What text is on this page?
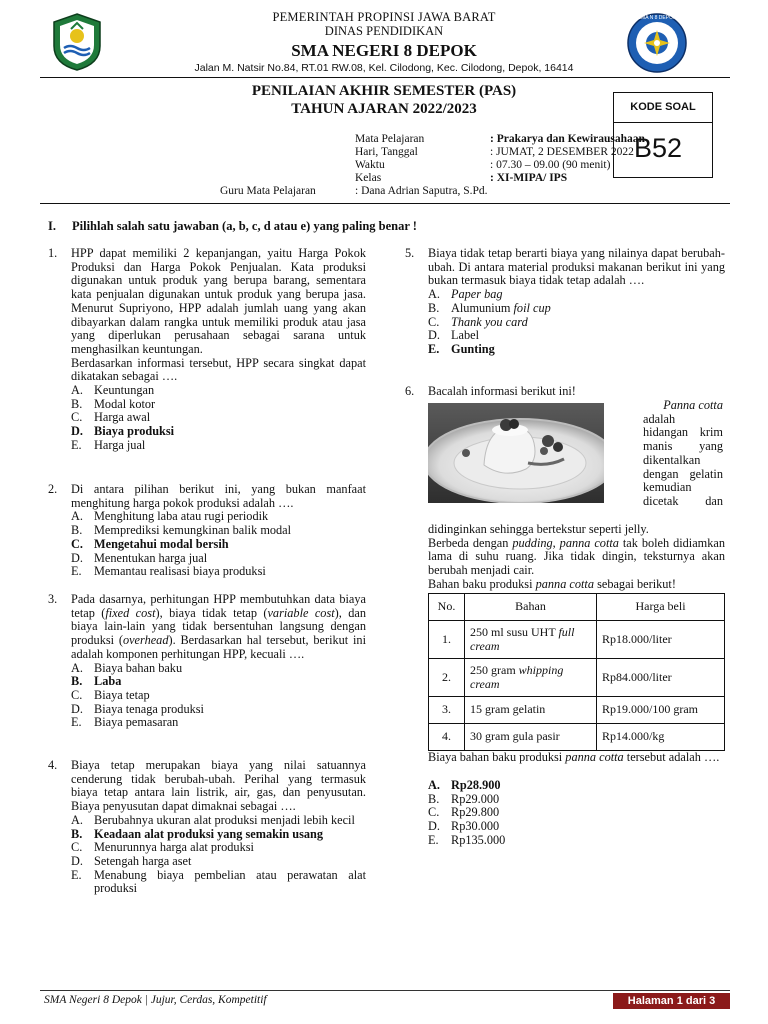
SMA N 8 DEPOK
PEMERINTAH PROPINSI JAWA BARAT
DINAS PENDIDIKAN
SMA NEGERI 8 DEPOK
Jalan M. Natsir No.84, RT.01 RW.08, Kel. Cilodong, Kec. Cilodong, Depok, 16414
PENILAIAN AKHIR SEMESTER (PAS)
TAHUN AJARAN 2022/2023	KODE SOAL
B52
Mata Pelajaran	: Prakarya dan Kewirausahaan
Hari, Tanggal	: JUMAT, 2 DESEMBER 2022
Waktu	: 07.30 – 09.00 (90 menit)
Kelas	: XI-MIPA/ IPS
Guru Mata Pelajaran	: Dana Adrian Saputra, S.Pd.
I. Pilihlah salah satu jawaban (a, b, c, d atau e) yang paling benar !
1. HPP dapat memiliki 2 kepanjangan, yaitu Harga Pokok Produksi dan Harga Pokok Penjualan. Kata produksi digunakan untuk produk yang berupa barang, sementara kata penjualan digunakan untuk produk yang berupa jasa. Menurut Supriyono, HPP adalah jumlah uang yang akan dibayarkan dalam rangka untuk memiliki produk atau jasa yang diperlukan perusahaan sebagai sarana untuk menghasilkan keuntungan.
Berdasarkan informasi tersebut, HPP secara singkat dapat dikatakan sebagai ….
A. Keuntungan
B. Modal kotor
C. Harga awal
D. Biaya produksi
E.	Harga jual
2. Di antara pilihan berikut ini, yang bukan manfaat menghitung harga pokok produksi adalah ….
A. Menghitung laba atau rugi periodik
B. Memprediksi kemungkinan balik modal
C. Mengetahui modal bersih
D. Menentukan harga jual
E.	Memantau realisasi biaya produksi
3. Pada dasarnya, perhitungan HPP membutuhkan data biaya tetap (fixed cost), biaya tidak tetap (variable cost), dan biaya lain-lain yang tidak bersentuhan langsung dengan produksi (overhead). Berdasarkan hal tersebut, berikut ini adalah komponen perhitungan HPP, kecuali ….
A. Biaya bahan baku
B. Laba
C. Biaya tetap
D. Biaya tenaga produksi
E.	Biaya pemasaran
4. Biaya tetap merupakan biaya yang nilai satuannya cenderung tidak berubah-ubah. Perihal yang termasuk biaya tetap antara lain listrik, air, gas, dan penyusutan. Biaya penyusutan dapat dimaknai sebagai ….
A. Berubahnya ukuran alat produksi menjadi lebih kecil
B. Keadaan alat produksi yang semakin usang
C. Menurunnya harga alat produksi
D. Setengah harga aset
E.	Menabung biaya pembelian atau perawatan alat produksi
5. Biaya tidak tetap berarti biaya yang nilainya dapat berubah-ubah. Di antara material produksi makanan berikut ini yang bukan termasuk biaya tidak tetap adalah ….
A. Paper bag
B. Alumunium foil cup
C. Thank you card
D. Label
E. Gunting
6. Bacalah informasi berikut ini!
Panna cotta
adalah hidangan krim manis yang dikentalkan dengan gelatin kemudian dicetak dan
didinginkan sehingga bertekstur seperti jelly.
Berbeda dengan pudding, panna cotta tak boleh didiamkan lama di suhu ruang. Jika tidak dingin, teksturnya akan berubah menjadi cair.
Bahan baku produksi panna cotta sebagai berikut!
No.	Bahan	Harga beli
1.	250 ml susu UHT full cream	Rp18.000/liter
2.	250 gram whipping cream	Rp84.000/liter
3.	15 gram gelatin	Rp19.000/100 gram
4.	30 gram gula pasir	Rp14.000/kg
Biaya bahan baku produksi panna cotta tersebut adalah ….
A. Rp28.900
B. Rp29.000
C. Rp29.800
D. Rp30.000
E.	Rp135.000
SMA Negeri 8 Depok | Jujur, Cerdas, Kompetitif	Halaman 1 dari 3
